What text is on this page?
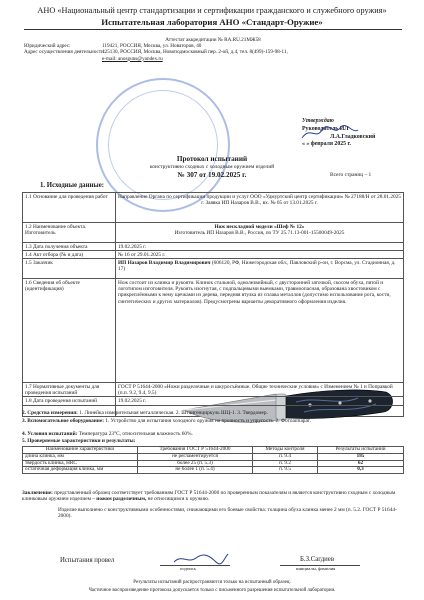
АНО «Национальный центр стандартизации и сертификации гражданского и служебного оружия»
Испытательная лаборатория АНО «Стандарт-Оружие»
Аттестат аккредитации № RA.RU.21МЖ58
Юридический адрес:	119421, РОССИЯ, Москва, ул. Новаторов, 40
Адрес осуществления деятельности:125130, РОССИЯ, Москва, Новоподмосковный пер. 2-ой, д.4, тел. 8(499)-159-98-11,
e-mail: anosguns@yandex.ru
Утверждаю
Руководитель ИЛ
Л.А.Гладковский
« » февраля 2025 г.
Протокол испытаний
конструктивно сходных с холодным оружием изделий
№ 307 от 19.02.2025 г.	Всего страниц – 1
1. Исходные данные:
1.1 Основание для проведения работ	Направление Органа по сертификации продукции и услуг ООО «Удмуртский центр сертификации» № 27188/Н от 28.01.2025 г. Заявка ИП Назаров В.В., вх. № 05 от 13.01.2025 г.
1.2 Наименование объекта. Изготовитель	Нож нескладной модели «Шеф № 12»
Изготовитель ИП Назаров В.В., Россия, по ТУ 25.71.13-001-15500049-2025
1.3 Дата получения объекта	19.02.2025 г.
1.4 Акт отбора (№ и дата)	№ 16 от 29.01.2025 г.
1.5 Заказчик	ИП Назаров Владимир Владимирович (606120, РФ, Нижегородская обл., Павловский р-он, г. Ворсма, ул. Стадионная, д. 17)
1.6 Сведения об объекте (идентификация)	Нож состоит из клинка и рукояти. Клинок стальной, однолезвийный, с двусторонней заточкой, скосом обуха, пятой и логотипом изготовителя. Рукоять изогнутая, с подпальцевыми выемками, травмоопасная, образована хвостовиком с прикреплёнными к нему щечками из дерева, передняя втулка из сплава металлов (допустимо использование рога, кости, синтетических и других материалов). Предусмотрены варианты декоративного оформления изделия.
1.7 Нормативные документы для проведения испытаний	ГОСТ Р 51644-2000 «Ножи разделочные и шкуросъёмные. Общие технические условия» с Изменением № 1 и Поправкой (п.п. 9.2, 9.4, 9.5)
1.8 Дата проведения испытаний	19.02.2025 г.
2. Средства измерения: 1. Линейка измерительная металлическая. 2. Штангенциркуль ШЦ-1. 3. Твердомер.
3. Вспомогательное оборудование: 1. Устройство для испытания холодного оружия на прочность и упругость. 2. Фотоаппарат.
4. Условия испытаний: Температура 23°С, относительная влажность 60%.
5. Проверяемые характеристики и результаты:
Наименование характеристики	Требования ГОСТ Р 51644-2000	Методы контроля	Результаты испытаний
длина клинка, мм	не регламентируется	п. 9.4	185
твердость клинка, HRC	более 25 (п. 5.3)	п. 9.2	62
остаточная деформация клинка, мм	не более 1 (п. 5.4)	п. 9.5	0,3
Заключение: представленный образец соответствует требованиям ГОСТ Р 51644-2000 по проверенным показателям и является конструктивно сходным с холодным клинковым оружием изделием – ножом разделочным, не относящимся к оружию.
Изделие выполнено с конструктивными особенностями, снижающими его боевые свойства: толщина обуха клинка менее 2 мм (п. 5.2. ГОСТ Р 51644-2000).
Испытания провел
подпись
Б.З.Сагдиев
инициалы, фамилия
Результаты испытаний распространяются только на испытанный образец.
Частичное воспроизведение протокола допускается только с письменного разрешения испытательной лаборатории.
